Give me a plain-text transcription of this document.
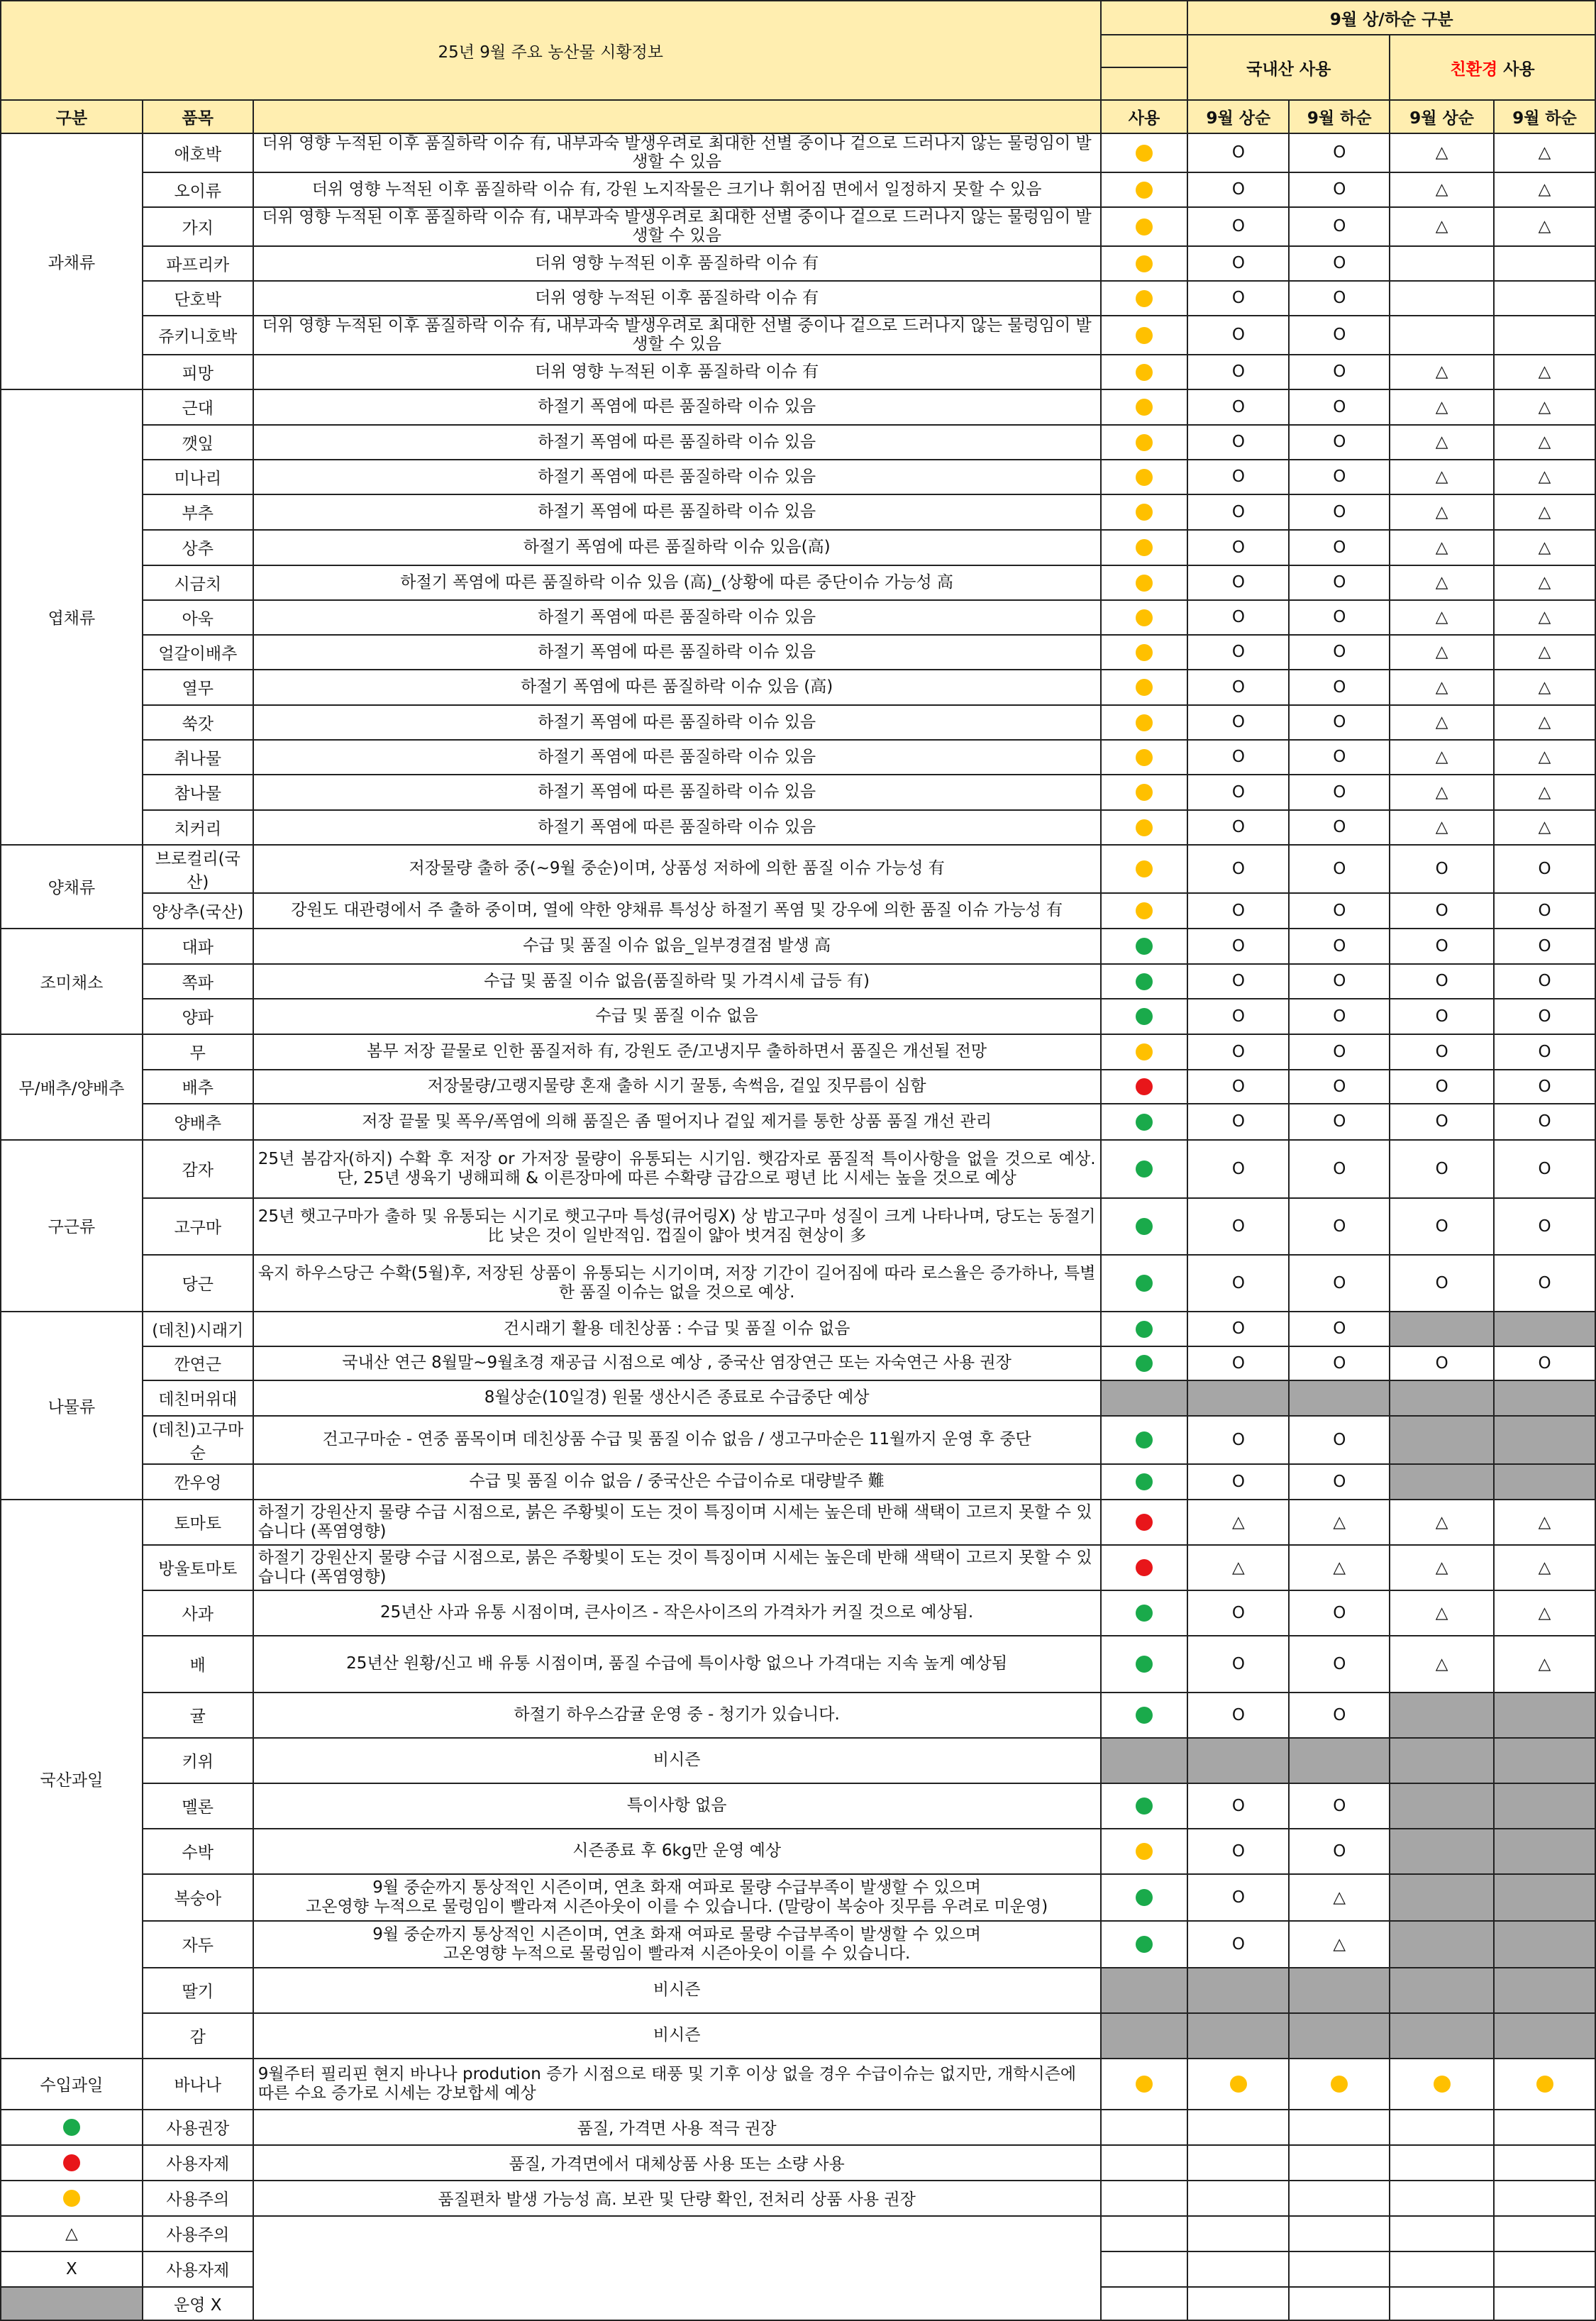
25년 9월 주요 농산물 시황정보				9월 상/하순 구분			
				국내산 사용		친환경 사용	

구분	품목		사용	9월 상순	9월 하순	9월 상순	9월 하순
과채류	애호박	더위 영향 누적된 이후 품질하락 이슈 有, 내부과숙 발생우려로 최대한 선별 중이나 겉으로 드러나지 않는 물렁임이 발생할 수 있음		O	O	△	△
	오이류	더위 영향 누적된 이후 품질하락 이슈 有, 강원 노지작물은 크기나 휘어짐 면에서 일정하지 못할 수 있음		O	O	△	△
	가지	더위 영향 누적된 이후 품질하락 이슈 有, 내부과숙 발생우려로 최대한 선별 중이나 겉으로 드러나지 않는 물렁임이 발생할 수 있음		O	O	△	△
	파프리카	더위 영향 누적된 이후 품질하락 이슈 有		O	O		
	단호박	더위 영향 누적된 이후 품질하락 이슈 有		O	O		
	쥬키니호박	더위 영향 누적된 이후 품질하락 이슈 有, 내부과숙 발생우려로 최대한 선별 중이나 겉으로 드러나지 않는 물렁임이 발생할 수 있음		O	O		
	피망	더위 영향 누적된 이후 품질하락 이슈 有		O	O	△	△
엽채류	근대	하절기 폭염에 따른 품질하락 이슈 있음		O	O	△	△
	깻잎	하절기 폭염에 따른 품질하락 이슈 있음		O	O	△	△
	미나리	하절기 폭염에 따른 품질하락 이슈 있음		O	O	△	△
	부추	하절기 폭염에 따른 품질하락 이슈 있음		O	O	△	△
	상추	하절기 폭염에 따른 품질하락 이슈 있음(高)		O	O	△	△
	시금치	하절기 폭염에 따른 품질하락 이슈 있음 (高)_(상황에 따른 중단이슈 가능성 高		O	O	△	△
	아욱	하절기 폭염에 따른 품질하락 이슈 있음		O	O	△	△
	얼갈이배추	하절기 폭염에 따른 품질하락 이슈 있음		O	O	△	△
	열무	하절기 폭염에 따른 품질하락 이슈 있음 (高)		O	O	△	△
	쑥갓	하절기 폭염에 따른 품질하락 이슈 있음		O	O	△	△
	취나물	하절기 폭염에 따른 품질하락 이슈 있음		O	O	△	△
	참나물	하절기 폭염에 따른 품질하락 이슈 있음		O	O	△	△
	치커리	하절기 폭염에 따른 품질하락 이슈 있음		O	O	△	△
양채류	브로컬리(국산)	저장물량 출하 중(~9월 중순)이며, 상품성 저하에 의한 품질 이슈 가능성 有		O	O	O	O
	양상추(국산)	강원도 대관령에서 주 출하 중이며, 열에 약한 양채류 특성상 하절기 폭염 및 강우에 의한 품질 이슈 가능성 有		O	O	O	O
조미채소	대파	수급 및 품질 이슈 없음_일부경결점 발생 高		O	O	O	O
	쪽파	수급 및 품질 이슈 없음(품질하락 및 가격시세 급등 有)		O	O	O	O
	양파	수급 및 품질 이슈 없음		O	O	O	O
무/배추/양배추	무	봄무 저장 끝물로 인한 품질저하 有, 강원도 준/고냉지무 출하하면서 품질은 개선될 전망		O	O	O	O
	배추	저장물량/고랭지물량 혼재 출하 시기 꿀통, 속썩음, 겉잎 짓무름이 심함		O	O	O	O
	양배추	저장 끝물 및 폭우/폭염에 의해 품질은 좀 떨어지나 겉잎 제거를 통한 상품 품질 개선 관리		O	O	O	O
구근류	감자	25년 봄감자(하지) 수확 후 저장 or 가저장 물량이 유통되는 시기임. 햇감자로 품질적 특이사항을 없을 것으로 예상. 단, 25년 생육기 냉해피해 & 이른장마에 따른 수확량 급감으로 평년 比 시세는 높을 것으로 예상		O	O	O	O
	고구마	25년 햇고구마가 출하 및 유통되는 시기로 햇고구마 특성(큐어링X) 상 밤고구마 성질이 크게 나타나며, 당도는 동절기 比 낮은 것이 일반적임. 껍질이 얇아 벗겨짐 현상이 多		O	O	O	O
	당근	육지 하우스당근 수확(5월)후, 저장된 상품이 유통되는 시기이며, 저장 기간이 길어짐에 따라 로스율은 증가하나, 특별한 품질 이슈는 없을 것으로 예상.		O	O	O	O
나물류	(데친)시래기	건시래기 활용 데친상품 : 수급 및 품질 이슈 없음		O	O		
	깐연근	국내산 연근 8월말~9월초경 재공급 시점으로 예상 , 중국산 염장연근 또는 자숙연근 사용 권장		O	O	O	O
	데친머위대	8월상순(10일경) 원물 생산시즌 종료로 수급중단 예상					
	(데친)고구마순	건고구마순 - 연중 품목이며 데친상품 수급 및 품질 이슈 없음 / 생고구마순은 11월까지 운영 후 중단		O	O		
	깐우엉	수급 및 품질 이슈 없음 / 중국산은 수급이슈로 대량발주 難		O	O		
국산과일	토마토	하절기 강원산지 물량 수급 시점으로, 붉은 주황빛이 도는 것이 특징이며 시세는 높은데 반해 색택이 고르지 못할 수 있습니다 (폭염영향)		△	△	△	△
	방울토마토	하절기 강원산지 물량 수급 시점으로, 붉은 주황빛이 도는 것이 특징이며 시세는 높은데 반해 색택이 고르지 못할 수 있습니다 (폭염영향)		△	△	△	△
	사과	25년산 사과 유통 시점이며, 큰사이즈 - 작은사이즈의 가격차가 커질 것으로 예상됨.		O	O	△	△
	배	25년산 원황/신고 배 유통 시점이며, 품질 수급에 특이사항 없으나 가격대는 지속 높게 예상됨		O	O	△	△
	귤	하절기 하우스감귤 운영 중 - 청기가 있습니다.		O	O		
	키위	비시즌					
	멜론	특이사항 없음		O	O		
	수박	시즌종료 후 6kg만 운영 예상		O	O		
	복숭아	9월 중순까지 통상적인 시즌이며, 연초 화재 여파로 물량 수급부족이 발생할 수 있으며
고온영향 누적으로 물렁임이 빨라져 시즌아웃이 이를 수 있습니다. (말랑이 복숭아 짓무름 우려로 미운영)		O	△		
	자두	9월 중순까지 통상적인 시즌이며, 연초 화재 여파로 물량 수급부족이 발생할 수 있으며
고온영향 누적으로 물렁임이 빨라져 시즌아웃이 이를 수 있습니다.		O	△		
	딸기	비시즌					
	감	비시즌					
수입과일	바나나	9월주터 필리핀 현지 바나나 prodution 증가 시점으로 태풍 및 기후 이상 없을 경우 수급이슈는 없지만, 개학시즌에 따른 수요 증가로 시세는 강보합세 예상					
	사용권장	품질, 가격면 사용 적극 권장					
	사용자제	품질, 가격면에서 대체상품 사용 또는 소량 사용					
	사용주의	품질편차 발생 가능성 高. 보관 및 단량 확인, 전처리 상품 사용 권장					
△	사용주의						
X	사용자제						
	운영 X						
